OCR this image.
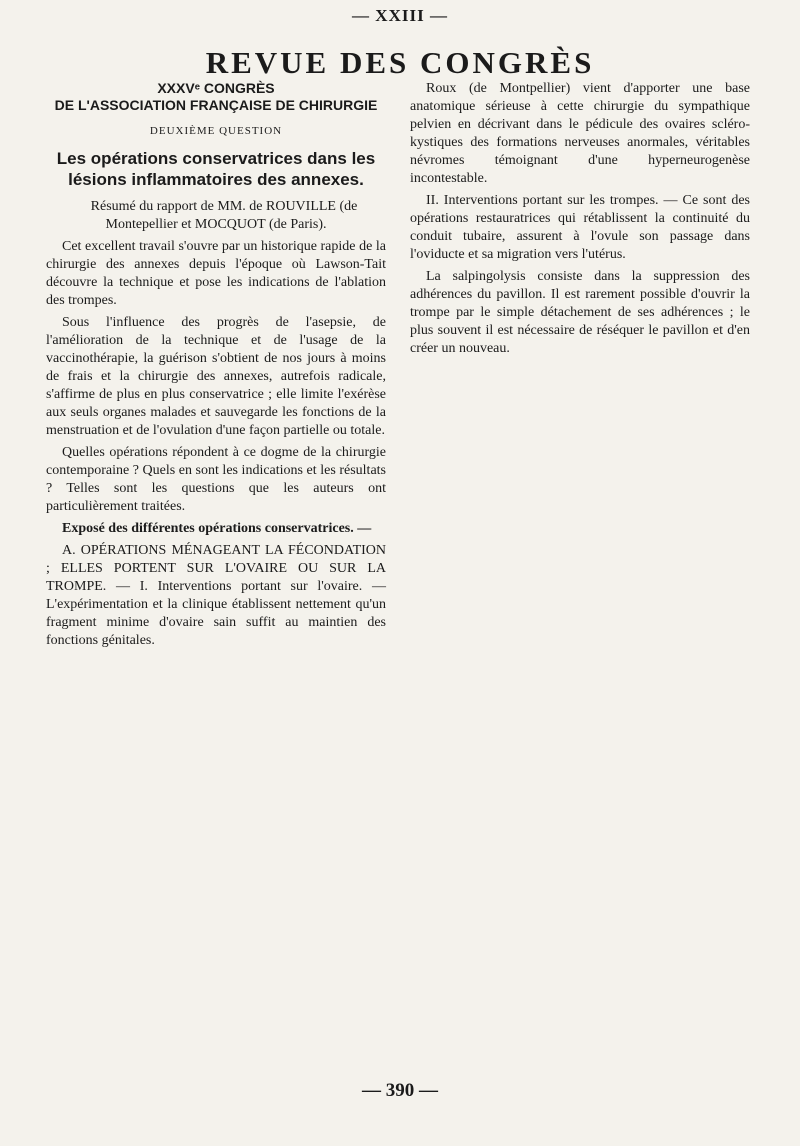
— XXIII —
REVUE DES CONGRÈS
XXXVᵉ CONGRÈS
DE L'ASSOCIATION FRANÇAISE DE CHIRURGIE
DEUXIÈME QUESTION
Les opérations conservatrices dans les lésions inflammatoires des annexes.

Résumé du rapport de MM. de ROUVILLE (de Montepellier et MOCQUOT (de Paris).

Cet excellent travail s'ouvre par un historique rapide de la chirurgie des annexes depuis l'époque où Lawson-Tait découvre la technique et pose les indications de l'ablation des trompes.

Sous l'influence des progrès de l'asepsie, de l'amélioration de la technique et de l'usage de la vaccinothérapie, la guérison s'obtient de nos jours à moins de frais et la chirurgie des annexes, autrefois radicale, s'affirme de plus en plus conservatrice ; elle limite l'exérèse aux seuls organes malades et sauvegarde les fonctions de la menstruation et de l'ovulation d'une façon partielle ou totale.

Quelles opérations répondent à ce dogme de la chirurgie contemporaine ? Quels en sont les indications et les résultats ? Telles sont les questions que les auteurs ont particulièrement traitées.

Exposé des différentes opérations conservatrices. —

A. OPÉRATIONS MÉNAGEANT LA FÉCONDATION ; ELLES PORTENT SUR L'OVAIRE OU SUR LA TROMPE. — I. Interventions portant sur l'ovaire. — L'expérimentation et la clinique établissent nettement qu'un fragment minime d'ovaire sain suffit au maintien des fonctions génitales.

Roux (de Montpellier) vient d'apporter une base anatomique sérieuse à cette chirurgie du sympathique pelvien en décrivant dans le pédicule des ovaires scléro-kystiques des formations nerveuses anormales, véritables névromes témoignant d'une hyperneurogenèse incontestable.

II. Interventions portant sur les trompes. — Ce sont des opérations restauratrices qui rétablissent la continuité du conduit tubaire, assurent à l'ovule son passage dans l'oviducte et sa migration vers l'utérus.

La salpingolysis consiste dans la suppression des adhérences du pavillon. Il est rarement possible d'ouvrir la trompe par le simple détachement de ses adhérences ; le plus souvent il est nécessaire de réséquer le pavillon et d'en créer un nouveau.

— 390 —
